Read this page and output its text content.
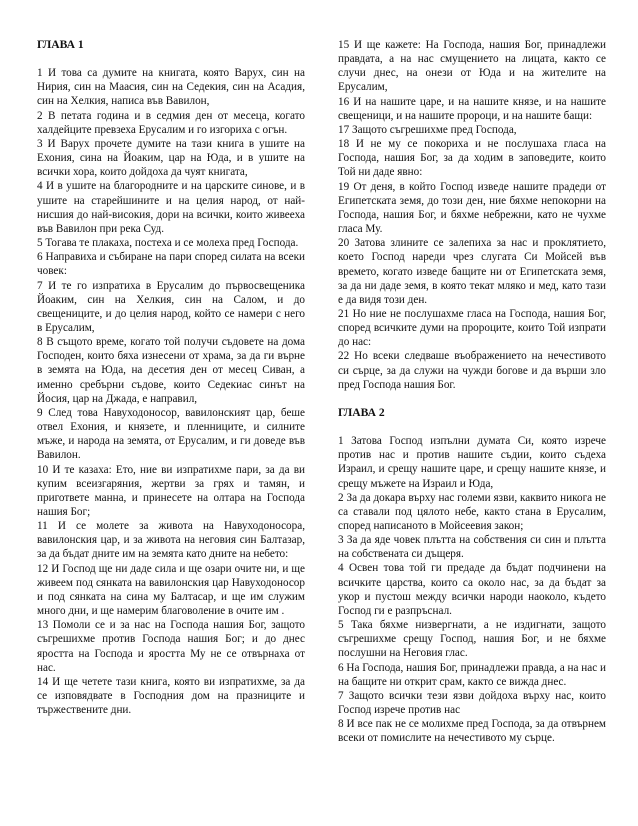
ГЛАВА 1

1 И това са думите на книгата, която Варух, син на Нирия, син на Маасия, син на Седекия, син на Асадия, син на Хелкия, написа във Вавилон,

2 В петата година и в седмия ден от месеца, когато халдейците превзеха Ерусалим и го изгориха с огън.

3 И Варух прочете думите на тази книга в ушите на Ехония, сина на Йоаким, цар на Юда, и в ушите на всички хора, които дойдоха да чуят книгата,

4 И в ушите на благородните и на царските синове, и в ушите на старейшините и на целия народ, от най-нисшия до най-високия, дори на всички, които живееха във Вавилон при река Суд.

5 Тогава те плакаха, постеха и се молеха пред Господа.

6 Направиха и събиране на пари според силата на всеки човек:

7 И те го изпратиха в Ерусалим до първосвещеника Йоаким, син на Хелкия, син на Салом, и до свещениците, и до целия народ, който се намери с него в Ерусалим,

8 В същото време, когато той получи съдовете на дома Господен, които бяха изнесени от храма, за да ги върне в земята на Юда, на десетия ден от месец Сиван, а именно сребърни съдове, които Седекиас синът на Йосия, цар на Джада, е направил,

9 След това Навуходоносор, вавилонският цар, беше отвел Ехония, и князете, и пленниците, и силните мъже, и народа на земята, от Ерусалим, и ги доведе във Вавилон.

10 И те казаха: Ето, ние ви изпратихме пари, за да ви купим всеизгаряния, жертви за грях и тамян, и пригответе манна, и принесете на олтара на Господа нашия Бог;

11 И се молете за живота на Навуходоносора, вавилонския цар, и за живота на неговия син Балтазар, за да бъдат дните им на земята като дните на небето:

12 И Господ ще ни даде сила и ще озари очите ни, и ще живеем под сянката на вавилонския цар Навуходоносор и под сянката на сина му Балтасар, и ще им служим много дни, и ще намерим благоволение в очите им .

13 Помоли се и за нас на Господа нашия Бог, защото съгрешихме против Господа нашия Бог; и до днес яростта на Господа и яростта Му не се отвърнаха от нас.

14 И ще четете тази книга, която ви изпратихме, за да се изповядвате в Господния дом на празниците и тържествените дни.

15 И ще кажете: На Господа, нашия Бог, принадлежи правдата, а на нас смущението на лицата, както се случи днес, на онези от Юда и на жителите на Ерусалим,

16 И на нашите царе, и на нашите князе, и на нашите свещеници, и на нашите пророци, и на нашите бащи:

17 Защото съгрешихме пред Господа,

18 И не му се покорихa и не послушаха гласа на Господа, нашия Бог, за да ходим в заповедите, които Той ни даде явно:

19 От деня, в който Господ изведе нашите прадеди от Египетската земя, до този ден, ние бяхме непокорни на Господа, нашия Бог, и бяхме небрежни, като не чухме гласа Му.

20 Затова злините се залепиха за нас и проклятието, което Господ нареди чрез слугата Си Мойсей във времето, когато изведе бащите ни от Египетската земя, за да ни даде земя, в която текат мляко и мед, като тази е да видя този ден.

21 Но ние не послушахме гласа на Господа, нашия Бог, според всичките думи на пророците, които Той изпрати до нас:

22 Но всеки следваше въображението на нечестивото си сърце, за да служи на чужди богове и да върши зло пред Господа нашия Бог.

ГЛАВА 2

1 Затова Господ изпълни думата Си, която изрече против нас и против нашите съдии, които съдеха Израил, и срещу нашите царе, и срещу нашите князе, и срещу мъжете на Израил и Юда,

2 За да докара върху нас големи язви, каквито никога не са ставали под цялото небе, както стана в Ерусалим, според написаното в Мойсеевия закон;

3 За да яде човек плътта на собствения си син и плътта на собствената си дъщеря.

4 Освен това той ги предаде да бъдат подчинени на всичките царства, които са около нас, за да бъдат за укор и пустош между всички народи наоколо, където Господ ги е разпръснал.

5 Така бяхме низвергнати, а не издигнати, защото съгрешихме срещу Господ, нашия Бог, и не бяхме послушни на Неговия глас.

6 На Господа, нашия Бог, принадлежи правда, а на нас и на бащите ни открит срам, както се вижда днес.

7 Защото всички тези язви дойдоха върху нас, които Господ изрече против нас

8 И все пак не се молихме пред Господа, за да отвърнем всеки от помислите на нечестивото му сърце.
